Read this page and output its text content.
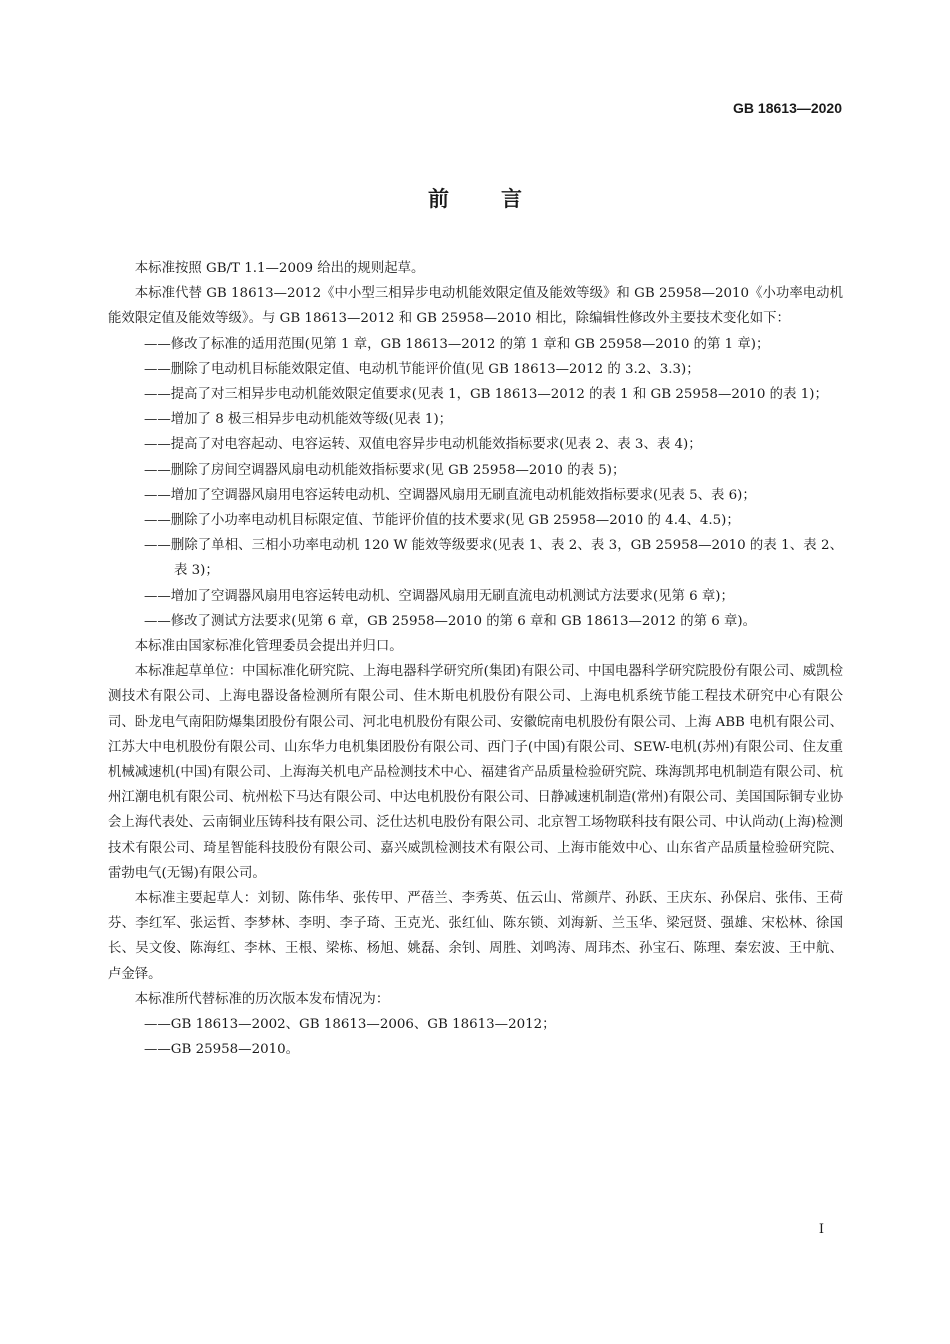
GB 18613—2020
前言

本标准按照 GB/T 1.1—2009 给出的规则起草。

本标准代替 GB 18613—2012《中小型三相异步电动机能效限定值及能效等级》和 GB 25958—2010《小功率电动机能效限定值及能效等级》。与 GB 18613—2012 和 GB 25958—2010 相比，除编辑性修改外主要技术变化如下：

——修改了标准的适用范围(见第 1 章，GB 18613—2012 的第 1 章和 GB 25958—2010 的第 1 章)；

——删除了电动机目标能效限定值、电动机节能评价值(见 GB 18613—2012 的 3.2、3.3)；

——提高了对三相异步电动机能效限定值要求(见表 1，GB 18613—2012 的表 1 和 GB 25958—2010 的表 1)；

——增加了 8 极三相异步电动机能效等级(见表 1)；

——提高了对电容起动、电容运转、双值电容异步电动机能效指标要求(见表 2、表 3、表 4)；

——删除了房间空调器风扇电动机能效指标要求(见 GB 25958—2010 的表 5)；

——增加了空调器风扇用电容运转电动机、空调器风扇用无刷直流电动机能效指标要求(见表 5、表 6)；

——删除了小功率电动机目标限定值、节能评价值的技术要求(见 GB 25958—2010 的 4.4、4.5)；

——删除了单相、三相小功率电动机 120 W 能效等级要求(见表 1、表 2、表 3，GB 25958—2010 的表 1、表 2、表 3)；

——增加了空调器风扇用电容运转电动机、空调器风扇用无刷直流电动机测试方法要求(见第 6 章)；

——修改了测试方法要求(见第 6 章，GB 25958—2010 的第 6 章和 GB 18613—2012 的第 6 章)。

本标准由国家标准化管理委员会提出并归口。

本标准起草单位：中国标准化研究院、上海电器科学研究所(集团)有限公司、中国电器科学研究院股份有限公司、威凯检测技术有限公司、上海电器设备检测所有限公司、佳木斯电机股份有限公司、上海电机系统节能工程技术研究中心有限公司、卧龙电气南阳防爆集团股份有限公司、河北电机股份有限公司、安徽皖南电机股份有限公司、上海 ABB 电机有限公司、江苏大中电机股份有限公司、山东华力电机集团股份有限公司、西门子(中国)有限公司、SEW-电机(苏州)有限公司、住友重机械减速机(中国)有限公司、上海海关机电产品检测技术中心、福建省产品质量检验研究院、珠海凯邦电机制造有限公司、杭州江潮电机有限公司、杭州松下马达有限公司、中达电机股份有限公司、日静减速机制造(常州)有限公司、美国国际铜专业协会上海代表处、云南铜业压铸科技有限公司、泛仕达机电股份有限公司、北京智工场物联科技有限公司、中认尚动(上海)检测技术有限公司、琦星智能科技股份有限公司、嘉兴威凯检测技术有限公司、上海市能效中心、山东省产品质量检验研究院、雷勃电气(无锡)有限公司。

本标准主要起草人：刘韧、陈伟华、张传甲、严蓓兰、李秀英、伍云山、常颜芹、孙跃、王庆东、孙保启、张伟、王荷芬、李红军、张运哲、李梦林、李明、李子琦、王克光、张红仙、陈东锁、刘海新、兰玉华、梁冠贤、强雄、宋松林、徐国长、吴文俊、陈海红、李林、王根、梁栋、杨旭、姚磊、余钊、周胜、刘鸣涛、周玮杰、孙宝石、陈理、秦宏波、王中航、卢金铎。

本标准所代替标准的历次版本发布情况为：

——GB 18613—2002、GB 18613—2006、GB 18613—2012；

——GB 25958—2010。

I
